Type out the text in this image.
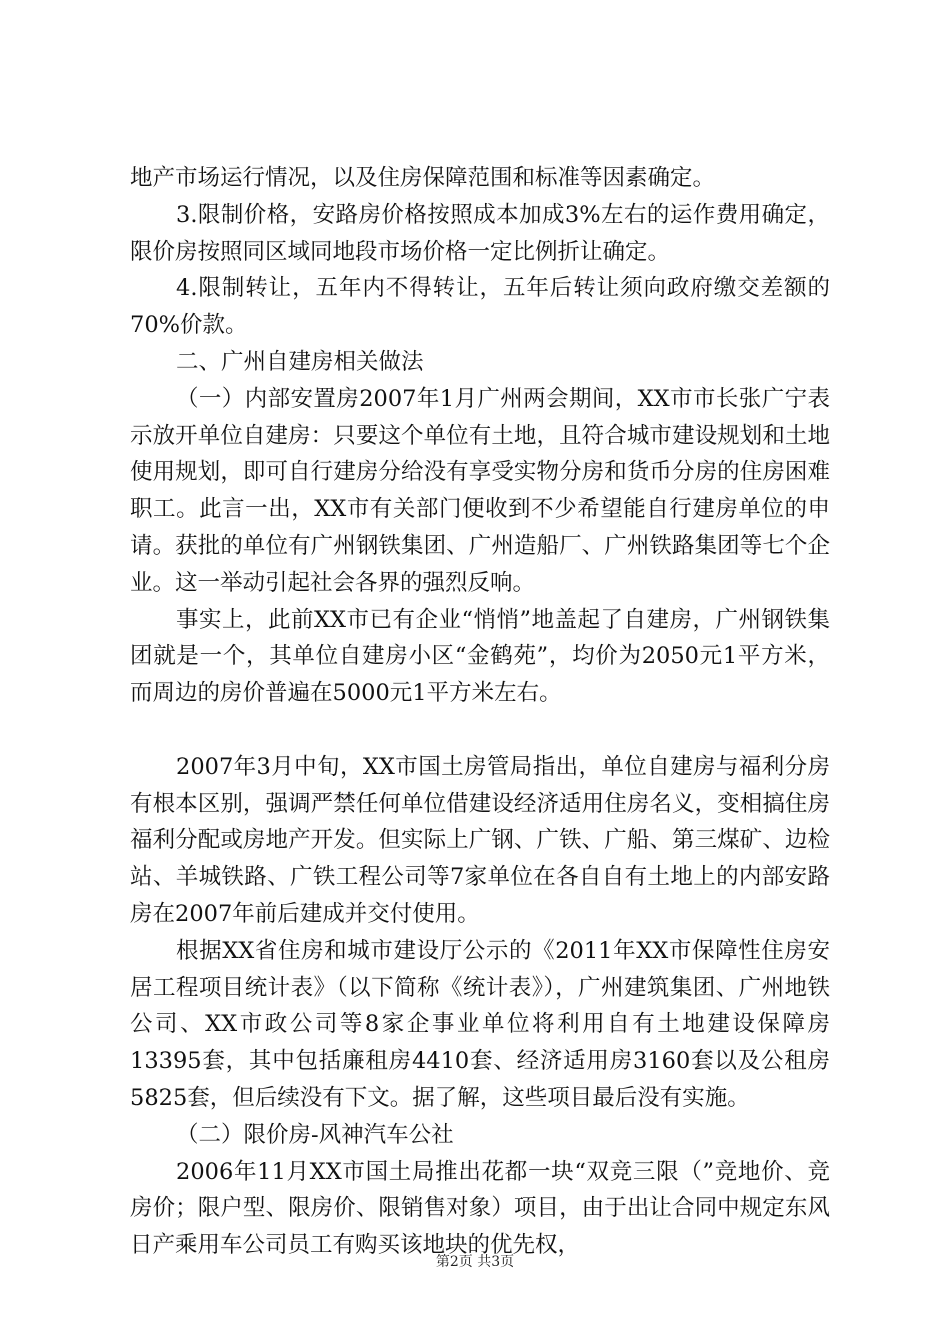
地产市场运行情况，以及住房保障范围和标准等因素确定。

3.限制价格，安路房价格按照成本加成3%左右的运作费用确定，限价房按照同区域同地段市场价格一定比例折让确定。

4.限制转让，五年内不得转让，五年后转让须向政府缴交差额的70%价款。

二、广州自建房相关做法

（一）内部安置房2007年1月广州两会期间，XX市市长张广宁表示放开单位自建房：只要这个单位有土地，且符合城市建设规划和土地使用规划，即可自行建房分给没有享受实物分房和货币分房的住房困难职工。此言一出，XX市有关部门便收到不少希望能自行建房单位的申请。获批的单位有广州钢铁集团、广州造船厂、广州铁路集团等七个企业。这一举动引起社会各界的强烈反响。

事实上，此前XX市已有企业“悄悄”地盖起了自建房，广州钢铁集团就是一个，其单位自建房小区“金鹤苑”，均价为2050元1平方米，而周边的房价普遍在5000元1平方米左右。

2007年3月中旬，XX市国土房管局指出，单位自建房与福利分房有根本区别，强调严禁任何单位借建设经济适用住房名义，变相搞住房福利分配或房地产开发。但实际上广钢、广铁、广船、第三煤矿、边检站、羊城铁路、广铁工程公司等7家单位在各自自有土地上的内部安路房在2007年前后建成并交付使用。

根据XX省住房和城市建设厅公示的《2011年XX市保障性住房安居工程项目统计表》（以下简称《统计表》），广州建筑集团、广州地铁公司、XX市政公司等8家企事业单位将利用自有土地建设保障房13395套，其中包括廉租房4410套、经济适用房3160套以及公租房5825套，但后续没有下文。据了解，这些项目最后没有实施。

（二）限价房-风神汽车公社

2006年11月XX市国土局推出花都一块“双竞三限（”竞地价、竞房价；限户型、限房价、限销售对象）项目，由于出让合同中规定东风日产乘用车公司员工有购买该地块的优先权，

第2页 共3页
